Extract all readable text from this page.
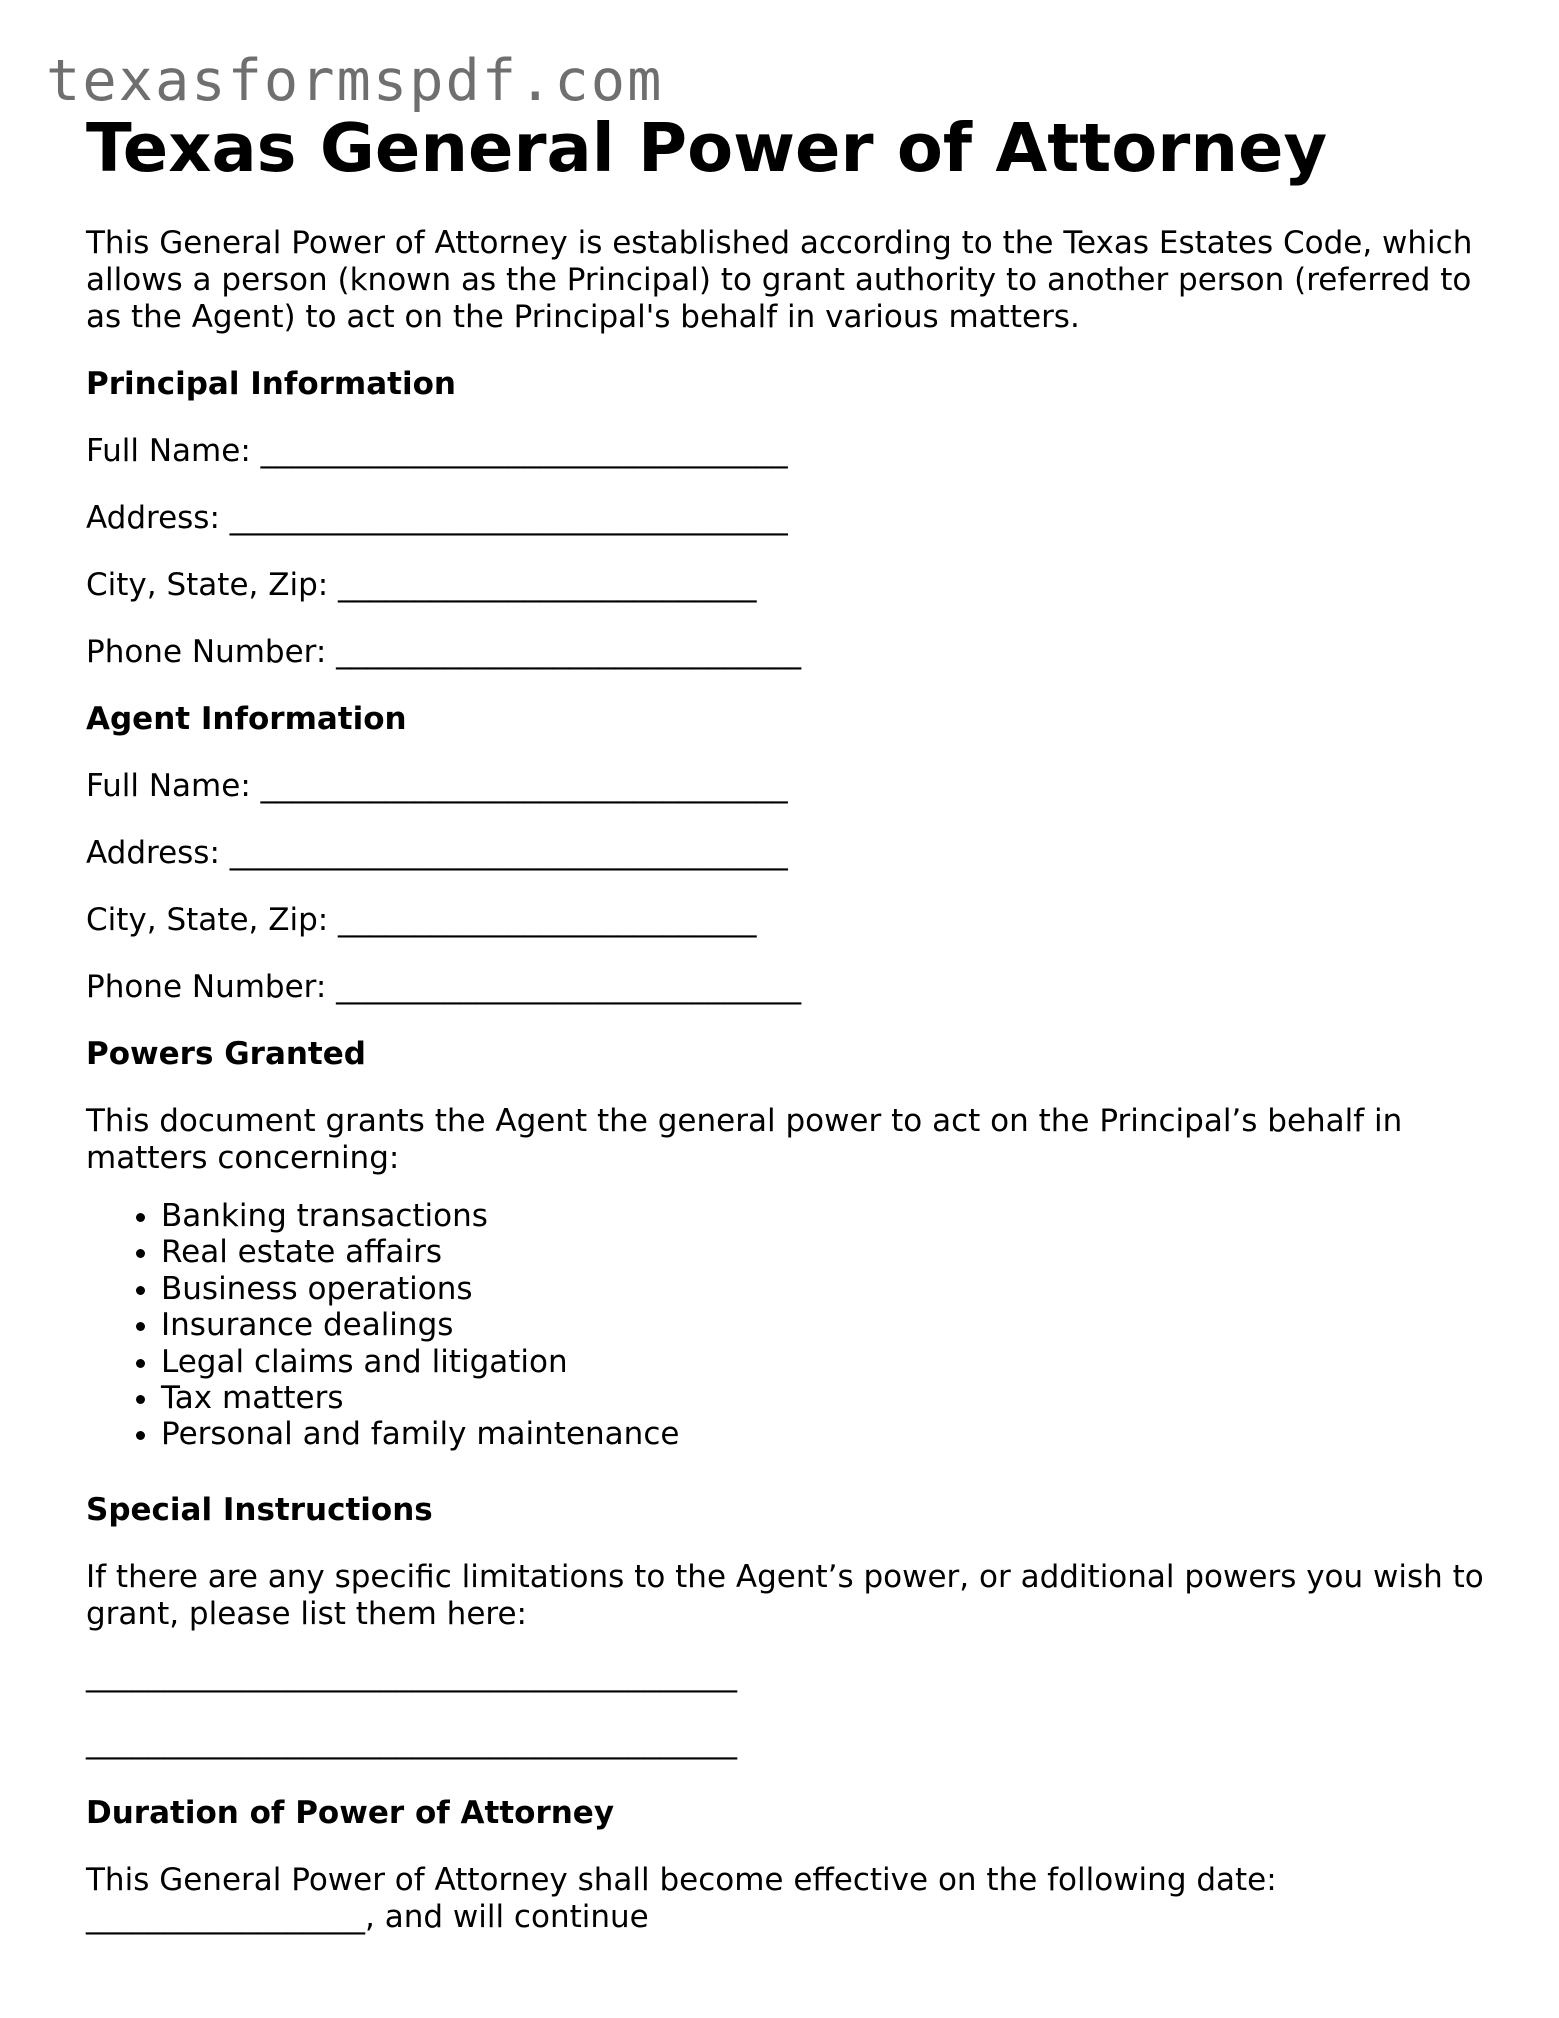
texasformspdf.com
Texas General Power of Attorney
This General Power of Attorney is established according to the Texas Estates Code, which
allows a person (known as the Principal) to grant authority to another person (referred to
as the Agent) to act on the Principal's behalf in various matters.
Principal Information
Full Name: __________________________________
Address: ____________________________________
City, State, Zip: ___________________________
Phone Number: ______________________________
Agent Information
Full Name: __________________________________
Address: ____________________________________
City, State, Zip: ___________________________
Phone Number: ______________________________
Powers Granted
This document grants the Agent the general power to act on the Principal’s behalf in
matters concerning:
• Banking transactions
• Real estate affairs
• Business operations
• Insurance dealings
• Legal claims and litigation
• Tax matters
• Personal and family maintenance
Special Instructions
If there are any specific limitations to the Agent’s power, or additional powers you wish to
grant, please list them here:
__________________________________________
__________________________________________
Duration of Power of Attorney
This General Power of Attorney shall become effective on the following date:
__________________, and will continue
